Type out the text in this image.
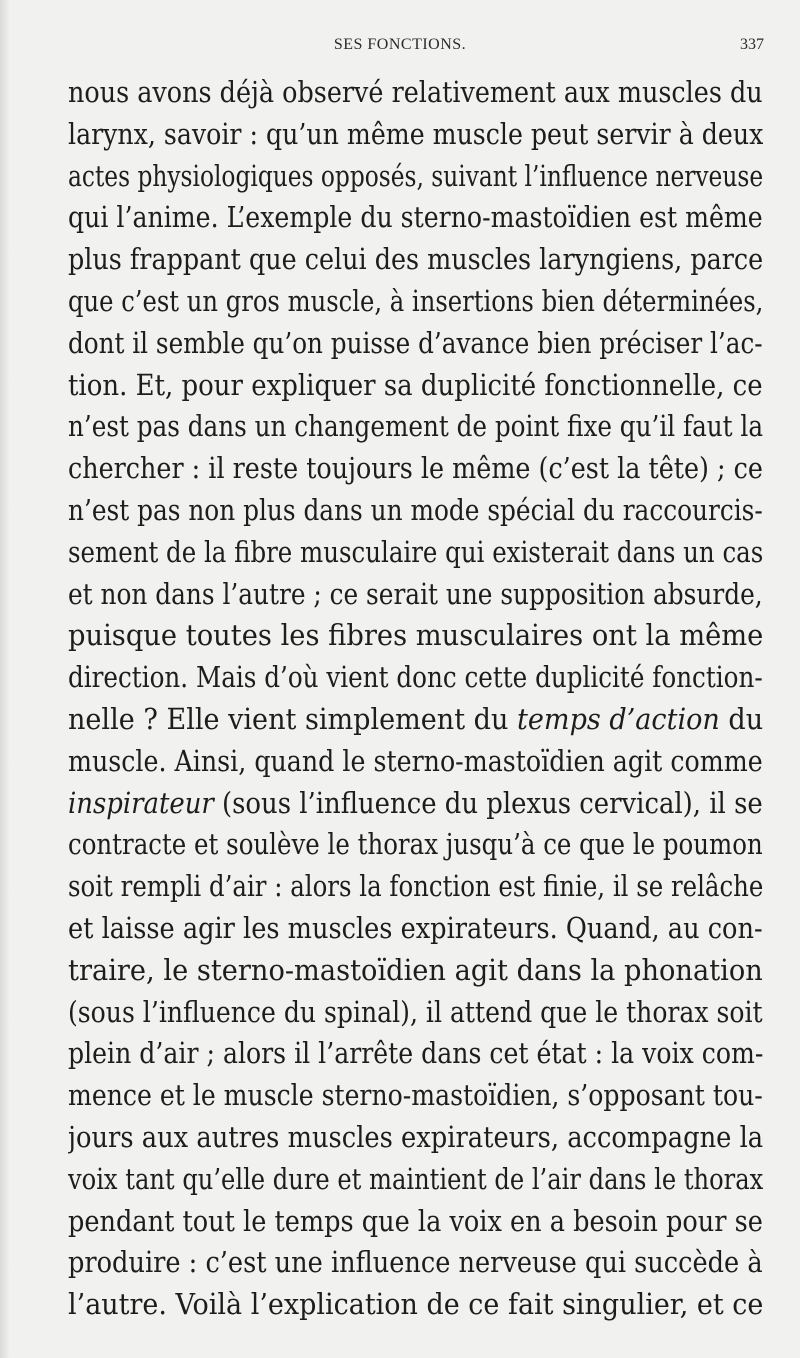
SES FONCTIONS.	337
nous avons déjà observé relativement aux muscles du
larynx, savoir : qu’un même muscle peut servir à deux
actes physiologiques opposés, suivant l’influence nerveuse
qui l’anime. L’exemple du sterno-mastoïdien est même
plus frappant que celui des muscles laryngiens, parce
que c’est un gros muscle, à insertions bien déterminées,
dont il semble qu’on puisse d’avance bien préciser l’ac-
tion. Et, pour expliquer sa duplicité fonctionnelle, ce
n’est pas dans un changement de point fixe qu’il faut la
chercher : il reste toujours le même (c’est la tête) ; ce
n’est pas non plus dans un mode spécial du raccourcis-
sement de la fibre musculaire qui existerait dans un cas
et non dans l’autre ; ce serait une supposition absurde,
puisque toutes les fibres musculaires ont la même
direction. Mais d’où vient donc cette duplicité fonction-
nelle ? Elle vient simplement du temps d’action du
muscle. Ainsi, quand le sterno-mastoïdien agit comme
inspirateur (sous l’influence du plexus cervical), il se
contracte et soulève le thorax jusqu’à ce que le poumon
soit rempli d’air : alors la fonction est finie, il se relâche
et laisse agir les muscles expirateurs. Quand, au con-
traire, le sterno-mastoïdien agit dans la phonation
(sous l’influence du spinal), il attend que le thorax soit
plein d’air ; alors il l’arrête dans cet état : la voix com-
mence et le muscle sterno-mastoïdien, s’opposant tou-
jours aux autres muscles expirateurs, accompagne la
voix tant qu’elle dure et maintient de l’air dans le thorax
pendant tout le temps que la voix en a besoin pour se
produire : c’est une influence nerveuse qui succède à
l’autre. Voilà l’explication de ce fait singulier, et ce
